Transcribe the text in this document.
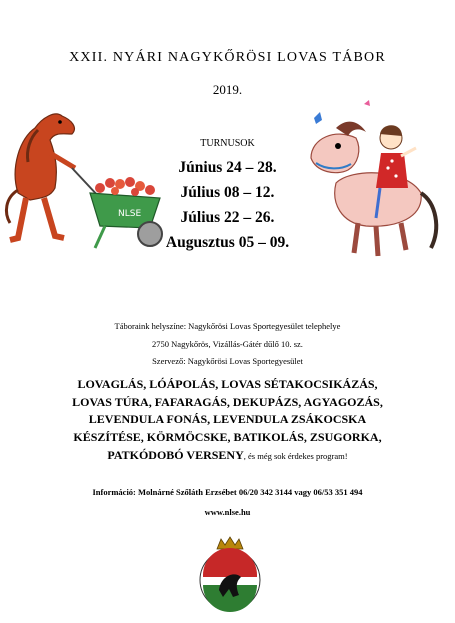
XXII. NYÁRI NAGYKŐRÖSI LOVAS TÁBOR
2019.
NLSE
TURNUSOK
Június 24 – 28.
Július 08 – 12.
Július 22 – 26.
Augusztus 05 – 09.
Táboraink helyszíne: Nagykőrösi Lovas Sportegyesület telephelye
2750 Nagykőrös, Vizállás-Gátér dűlő 10. sz.
Szervező: Nagykőrösi Lovas Sportegyesület
LOVAGLÁS, LÓÁPOLÁS, LOVAS SÉTAKOCSIKÁZÁS,
LOVAS TÚRA, FAFARAGÁS, DEKUPÁZS, AGYAGOZÁS,
LEVENDULA FONÁS, LEVENDULA ZSÁKOCSKA
KÉSZÍTÉSE, KÖRMÖCSKE, BATIKOLÁS, ZSUGORKA,
PATKÓDOBÓ VERSENY, és még sok érdekes program!
Információ: Molnárné Szőláth Erzsébet 06/20 342 3144 vagy 06/53 351 494
www.nlse.hu
